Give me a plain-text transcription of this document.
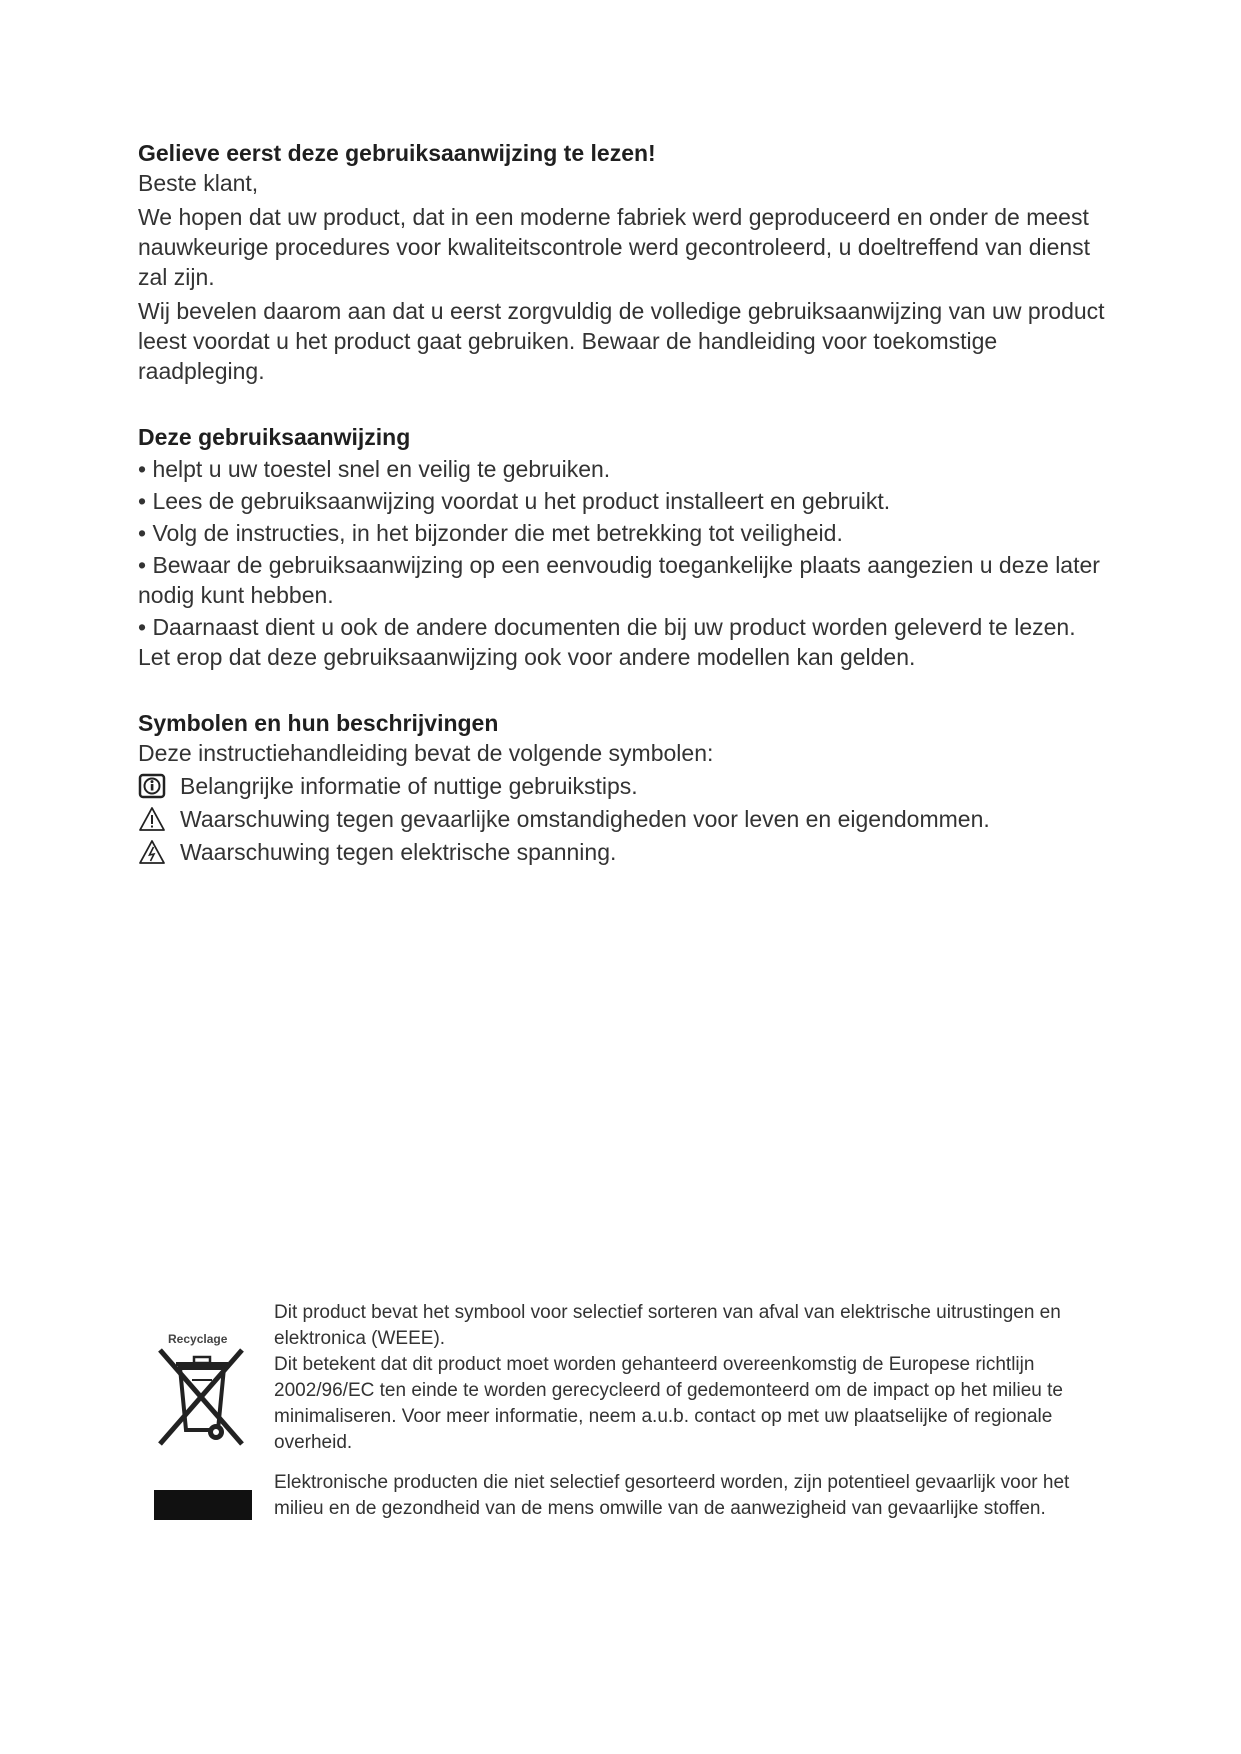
Gelieve eerst deze gebruiksaanwijzing te lezen!

Beste klant,

We hopen dat uw product, dat in een moderne fabriek werd geproduceerd en onder de meest nauwkeurige procedures voor kwaliteitscontrole werd gecontroleerd, u doeltreffend van dienst zal zijn.

Wij bevelen daarom aan dat u eerst zorgvuldig de volledige gebruiksaanwijzing van uw product leest voordat u het product gaat gebruiken. Bewaar de handleiding voor toekomstige raadpleging.

Deze gebruiksaanwijzing

• helpt u uw toestel snel en veilig te gebruiken.

• Lees de gebruiksaanwijzing voordat u het product installeert en gebruikt.

• Volg de instructies, in het bijzonder die met betrekking tot veiligheid.

• Bewaar de gebruiksaanwijzing op een eenvoudig toegankelijke plaats aangezien u deze later nodig kunt hebben.

• Daarnaast dient u ook de andere documenten die bij uw product worden geleverd te lezen.

Let erop dat deze gebruiksaanwijzing ook voor andere modellen kan gelden.

Symbolen en hun beschrijvingen

Deze instructiehandleiding bevat de volgende symbolen:

Belangrijke informatie of nuttige gebruikstips.
Waarschuwing tegen gevaarlijke omstandigheden voor leven en eigendommen.
Waarschuwing tegen elektrische spanning.
Recyclage

Dit product bevat het symbool voor selectief sorteren van afval van elektrische uitrustingen en elektronica (WEEE).

Dit betekent dat dit product moet worden gehanteerd overeenkomstig de Europese richtlijn 2002/96/EC ten einde te worden gerecycleerd of gedemonteerd om de impact op het milieu te minimaliseren. Voor meer informatie, neem a.u.b. contact op met uw plaatselijke of regionale overheid.

Elektronische producten die niet selectief gesorteerd worden, zijn potentieel gevaarlijk voor het milieu en de gezondheid van de mens omwille van de aanwezigheid van gevaarlijke stoffen.
